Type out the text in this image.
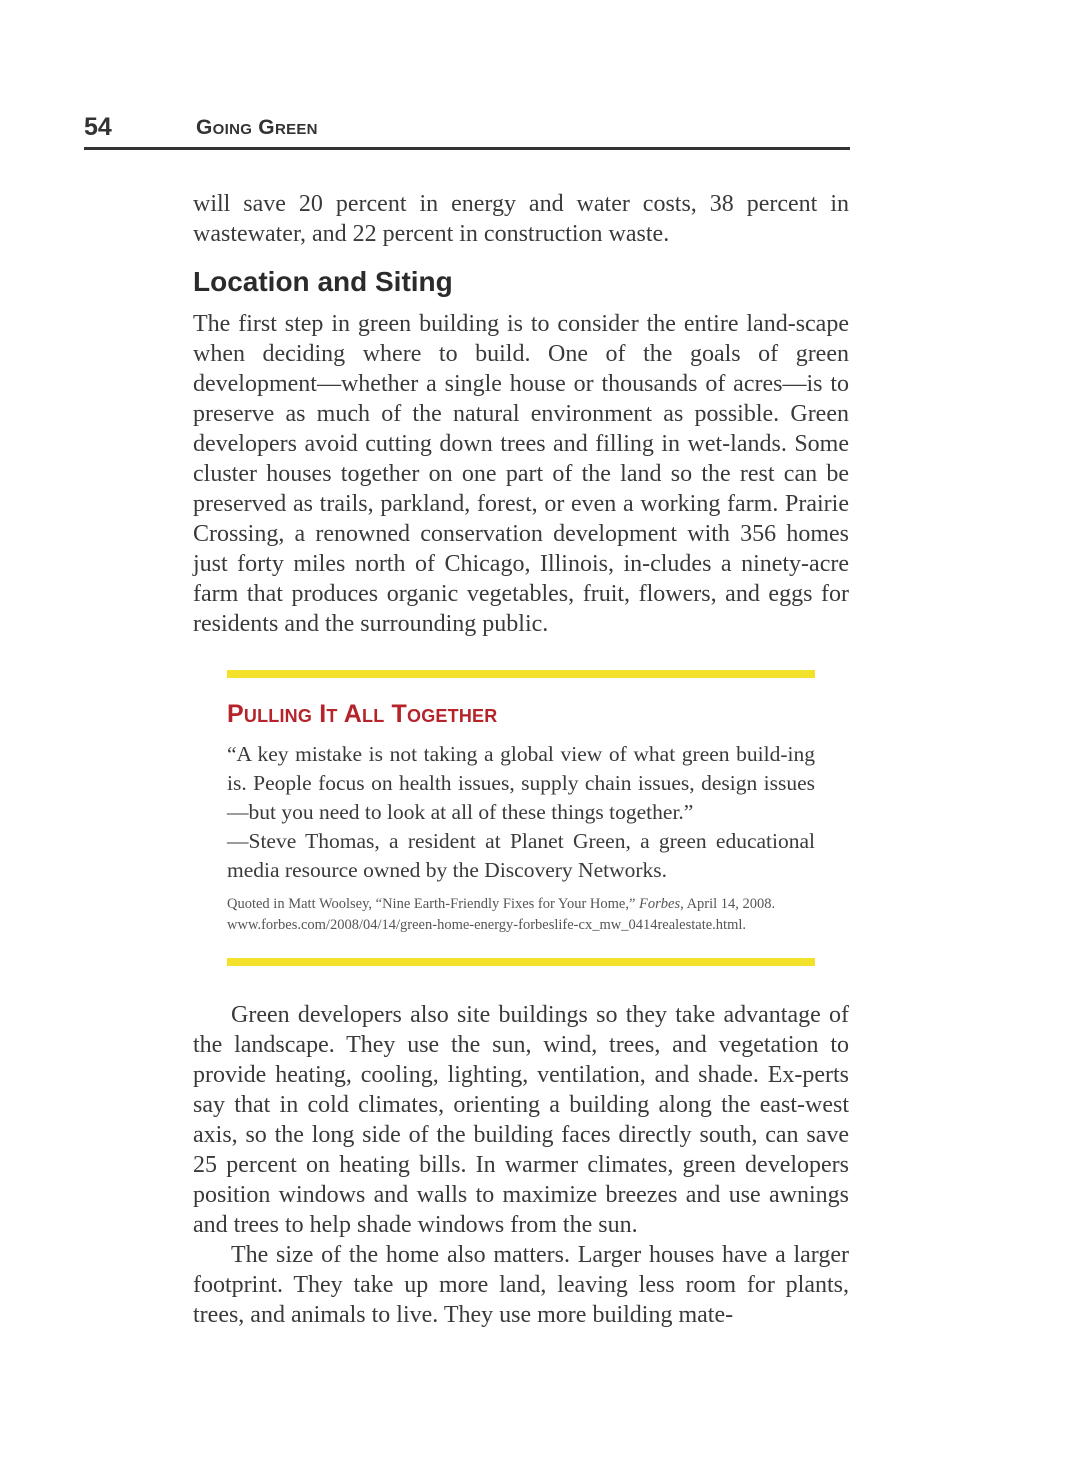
54	Going Green

will save 20 percent in energy and water costs, 38 percent in wastewater, and 22 percent in construction waste.

Location and Siting

The first step in green building is to consider the entire land-scape when deciding where to build. One of the goals of green development—whether a single house or thousands of acres—is to preserve as much of the natural environment as possible. Green developers avoid cutting down trees and filling in wet-lands. Some cluster houses together on one part of the land so the rest can be preserved as trails, parkland, forest, or even a working farm. Prairie Crossing, a renowned conservation development with 356 homes just forty miles north of Chicago, Illinois, in-cludes a ninety-acre farm that produces organic vegetables, fruit, flowers, and eggs for residents and the surrounding public.

Pulling It All Together

“A key mistake is not taking a global view of what green build-ing is. People focus on health issues, supply chain issues, design issues—but you need to look at all of these things together.”
—Steve Thomas, a resident at Planet Green, a green educational media resource owned by the Discovery Networks.

Quoted in Matt Woolsey, “Nine Earth-Friendly Fixes for Your Home,” Forbes, April 14, 2008. www.forbes.com/2008/04/14/green-home-energy-forbeslife-cx_mw_0414realestate.html.

Green developers also site buildings so they take advantage of the landscape. They use the sun, wind, trees, and vegetation to provide heating, cooling, lighting, ventilation, and shade. Ex-perts say that in cold climates, orienting a building along the east-west axis, so the long side of the building faces directly south, can save 25 percent on heating bills. In warmer climates, green developers position windows and walls to maximize breezes and use awnings and trees to help shade windows from the sun.

The size of the home also matters. Larger houses have a larger footprint. They take up more land, leaving less room for plants, trees, and animals to live. They use more building mate-
